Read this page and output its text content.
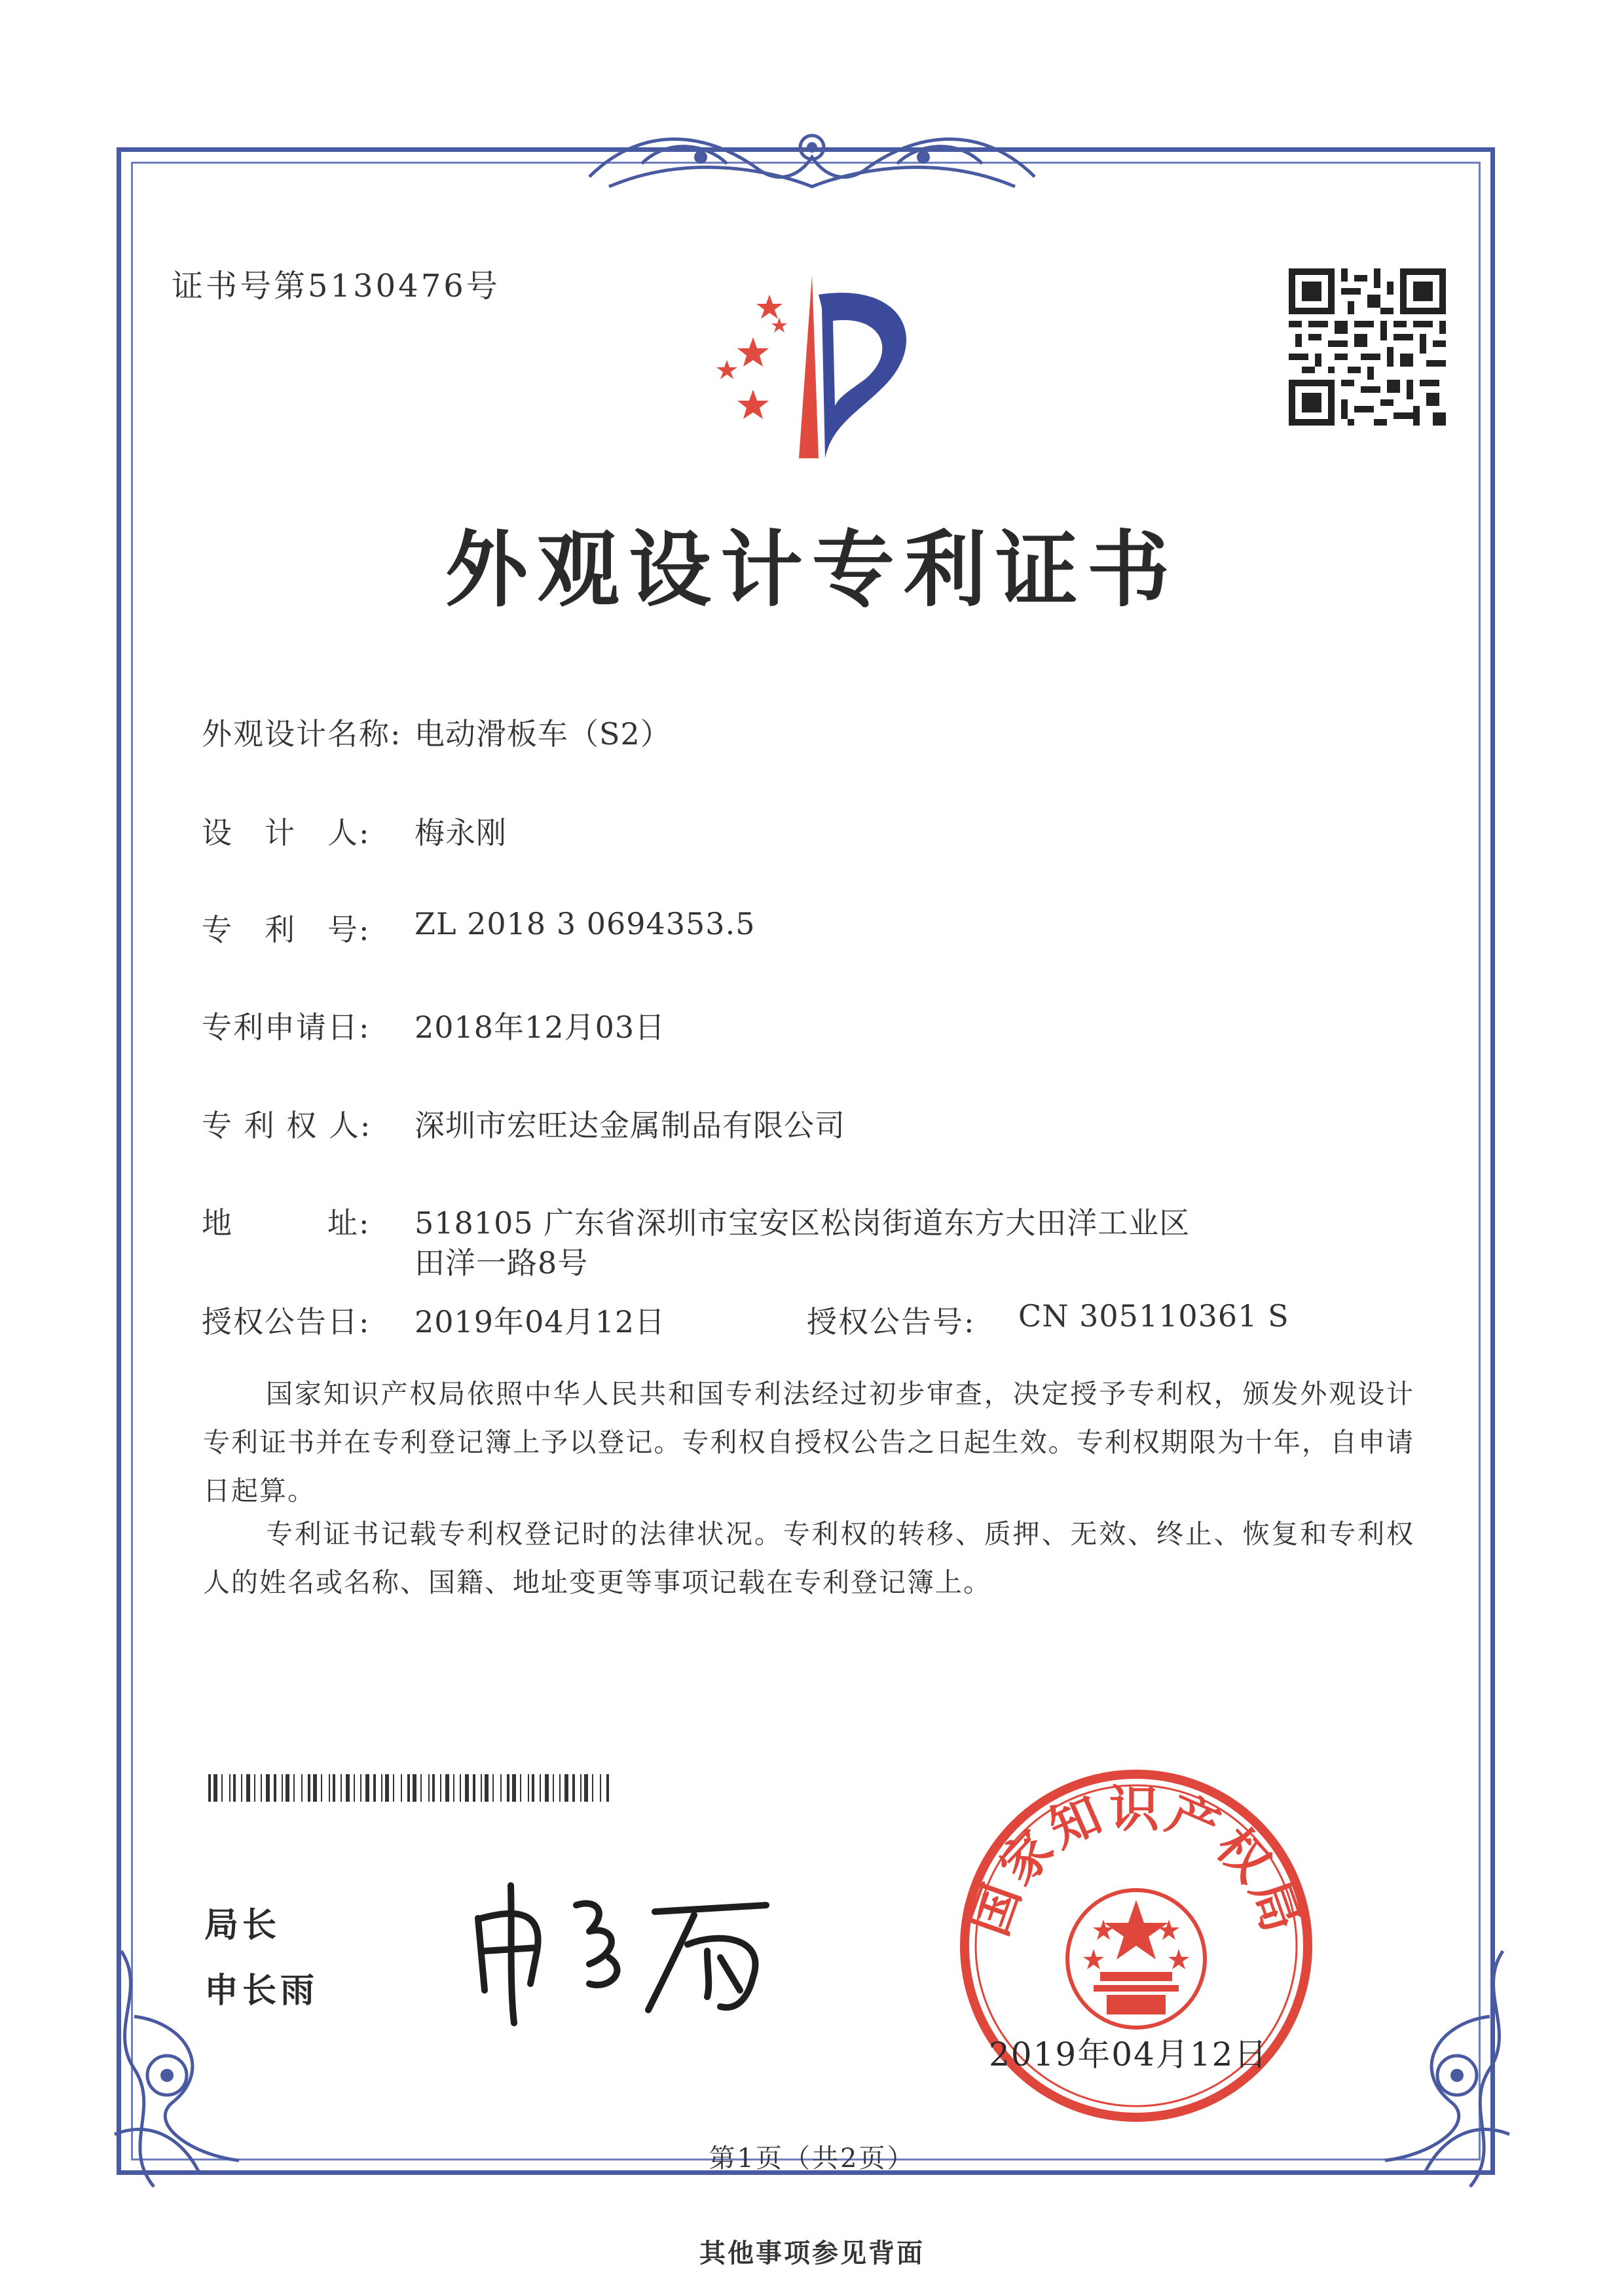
证书号第5130476号
外观设计专利证书
外观设计名称: 电动滑板车（S2）
设　计　人: 梅永刚
专　利　号: ZL 2018 3 0694353.5
专利申请日: 2018年12月03日
专 利 权 人: 深圳市宏旺达金属制品有限公司
地　　　址: 518105 广东省深圳市宝安区松岗街道东方大田洋工业区
田洋一路8号
授权公告日: 2019年04月12日	授权公告号: CN 305110361 S
国家知识产权局依照中华人民共和国专利法经过初步审查，决定授予专利权，颁发外观设计专利证书并在专利登记簿上予以登记。专利权自授权公告之日起生效。专利权期限为十年，自申请日起算。
专利证书记载专利权登记时的法律状况。专利权的转移、质押、无效、终止、恢复和专利权人的姓名或名称、国籍、地址变更等事项记载在专利登记簿上。
局长
申长雨
国家知识产权局
2019年04月12日
第1页（共2页）
其他事项参见背面
